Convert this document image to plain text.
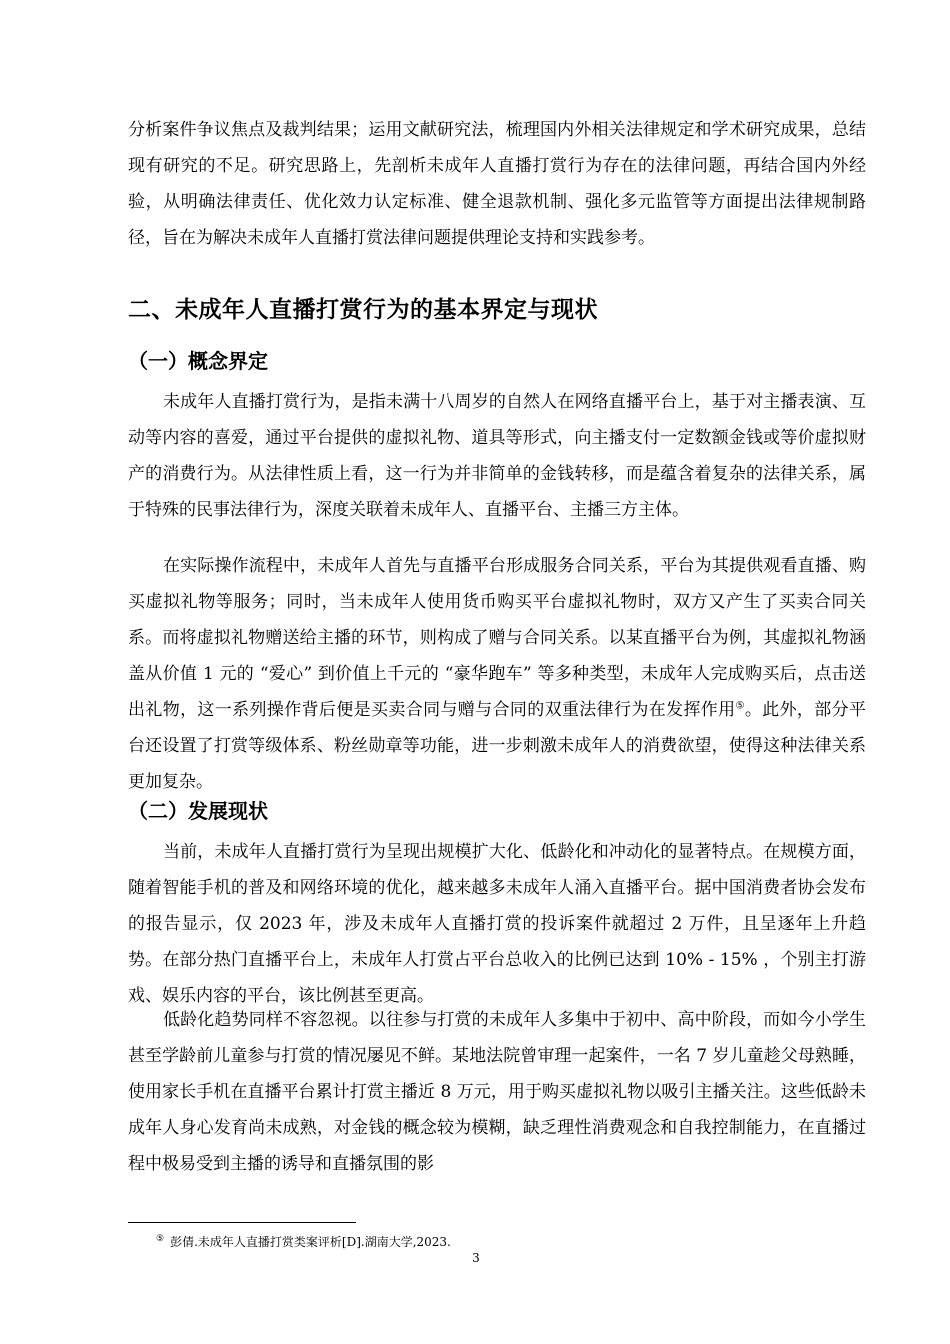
分析案件争议焦点及裁判结果；运用文献研究法，梳理国内外相关法律规定和学术研究成果，总结现有研究的不足。研究思路上，先剖析未成年人直播打赏行为存在的法律问题，再结合国内外经验，从明确法律责任、优化效力认定标准、健全退款机制、强化多元监管等方面提出法律规制路径，旨在为解决未成年人直播打赏法律问题提供理论支持和实践参考。

二、未成年人直播打赏行为的基本界定与现状
（一）概念界定

未成年人直播打赏行为，是指未满十八周岁的自然人在网络直播平台上，基于对主播表演、互动等内容的喜爱，通过平台提供的虚拟礼物、道具等形式，向主播支付一定数额金钱或等价虚拟财产的消费行为。从法律性质上看，这一行为并非简单的金钱转移，而是蕴含着复杂的法律关系，属于特殊的民事法律行为，深度关联着未成年人、直播平台、主播三方主体。

在实际操作流程中，未成年人首先与直播平台形成服务合同关系，平台为其提供观看直播、购买虚拟礼物等服务；同时，当未成年人使用货币购买平台虚拟礼物时，双方又产生了买卖合同关系。而将虚拟礼物赠送给主播的环节，则构成了赠与合同关系。以某直播平台为例，其虚拟礼物涵盖从价值 1 元的 “爱心” 到价值上千元的 “豪华跑车” 等多种类型，未成年人完成购买后，点击送出礼物，这一系列操作背后便是买卖合同与赠与合同的双重法律行为在发挥作用⑤。此外，部分平台还设置了打赏等级体系、粉丝勋章等功能，进一步刺激未成年人的消费欲望，使得这种法律关系更加复杂。

（二）发展现状

当前，未成年人直播打赏行为呈现出规模扩大化、低龄化和冲动化的显著特点。在规模方面，随着智能手机的普及和网络环境的优化，越来越多未成年人涌入直播平台。据中国消费者协会发布的报告显示，仅 2023 年，涉及未成年人直播打赏的投诉案件就超过 2 万件，且呈逐年上升趋势。在部分热门直播平台上，未成年人打赏占平台总收入的比例已达到 10% - 15% ，个别主打游戏、娱乐内容的平台，该比例甚至更高。

低龄化趋势同样不容忽视。以往参与打赏的未成年人多集中于初中、高中阶段，而如今小学生甚至学龄前儿童参与打赏的情况屡见不鲜。某地法院曾审理一起案件，一名 7 岁儿童趁父母熟睡，使用家长手机在直播平台累计打赏主播近 8 万元，用于购买虚拟礼物以吸引主播关注。这些低龄未成年人身心发育尚未成熟，对金钱的概念较为模糊，缺乏理性消费观念和自我控制能力，在直播过程中极易受到主播的诱导和直播氛围的影

⑤ 彭倩.未成年人直播打赏类案评析[D].湖南大学,2023.

3
